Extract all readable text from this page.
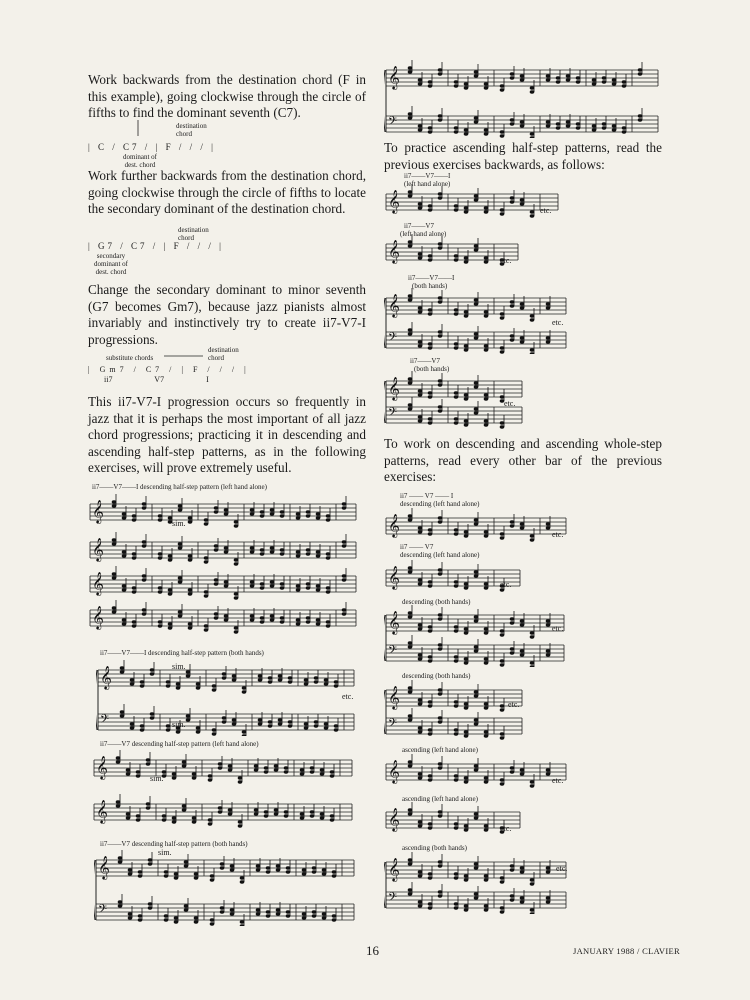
Work backwards from the destination chord (F in this example), going clockwise through the circle of fifths to find the dominant seventh (C7).

destination chord
| C / C7 / | F / / / |
dominant of dest. chord

Work further backwards from the destination chord, going clockwise through the circle of fifths to locate the secondary dominant of the destination chord.

destination chord
| G7 / C7 / | F / / / |
secondary dominant of dest. chord

Change the secondary dominant to minor seventh (G7 becomes Gm7), because jazz pianists almost invariably and instinctively try to create ii7-V7-I progressions.

substitute chords
destination chord
| Gm7 / C7 / | F / / / |
ii7 V7 I

This ii7-V7-I progression occurs so frequently in jazz that it is perhaps the most important of all jazz chord progressions; practicing it in descending and ascending half-step patterns, as in the following exercises, will prove extremely useful.

ii7——V7——I descending half-step pattern (left hand alone)
𝄞
sim.
𝄞
𝄞
𝄞
ii7——V7——I descending half-step pattern (both hands)
𝄞
𝄢
sim.
sim.
etc.
ii7——V7 descending half-step pattern (left hand alone)
𝄞	sim.
𝄞
ii7——V7 descending half-step pattern (both hands)
𝄞
𝄢
sim.
𝄞
𝄢

To practice ascending half-step patterns, read the previous exercises backwards, as follows:

ii7——V7——I
(left hand alone)
𝄞	etc.
ii7——V7
(left hand alone)
𝄞	etc.
ii7——V7——I
(both hands)
𝄞
𝄢
etc.
ii7——V7
(both hands)
𝄞
𝄢
etc.

To work on descending and ascending whole-step patterns, read every other bar of the previous exercises:

ii7 —— V7 —— I
descending (left hand alone)
𝄞	etc.
ii7 —— V7
descending (left hand alone)
𝄞	etc.
descending (both hands)
𝄞
𝄢
etc.
descending (both hands)
𝄞
𝄢
etc.
ascending (left hand alone)
𝄞	etc.
ascending (left hand alone)
𝄞	etc.
ascending (both hands)
𝄞
𝄢
etc.
16	JANUARY 1988 / CLAVIER
